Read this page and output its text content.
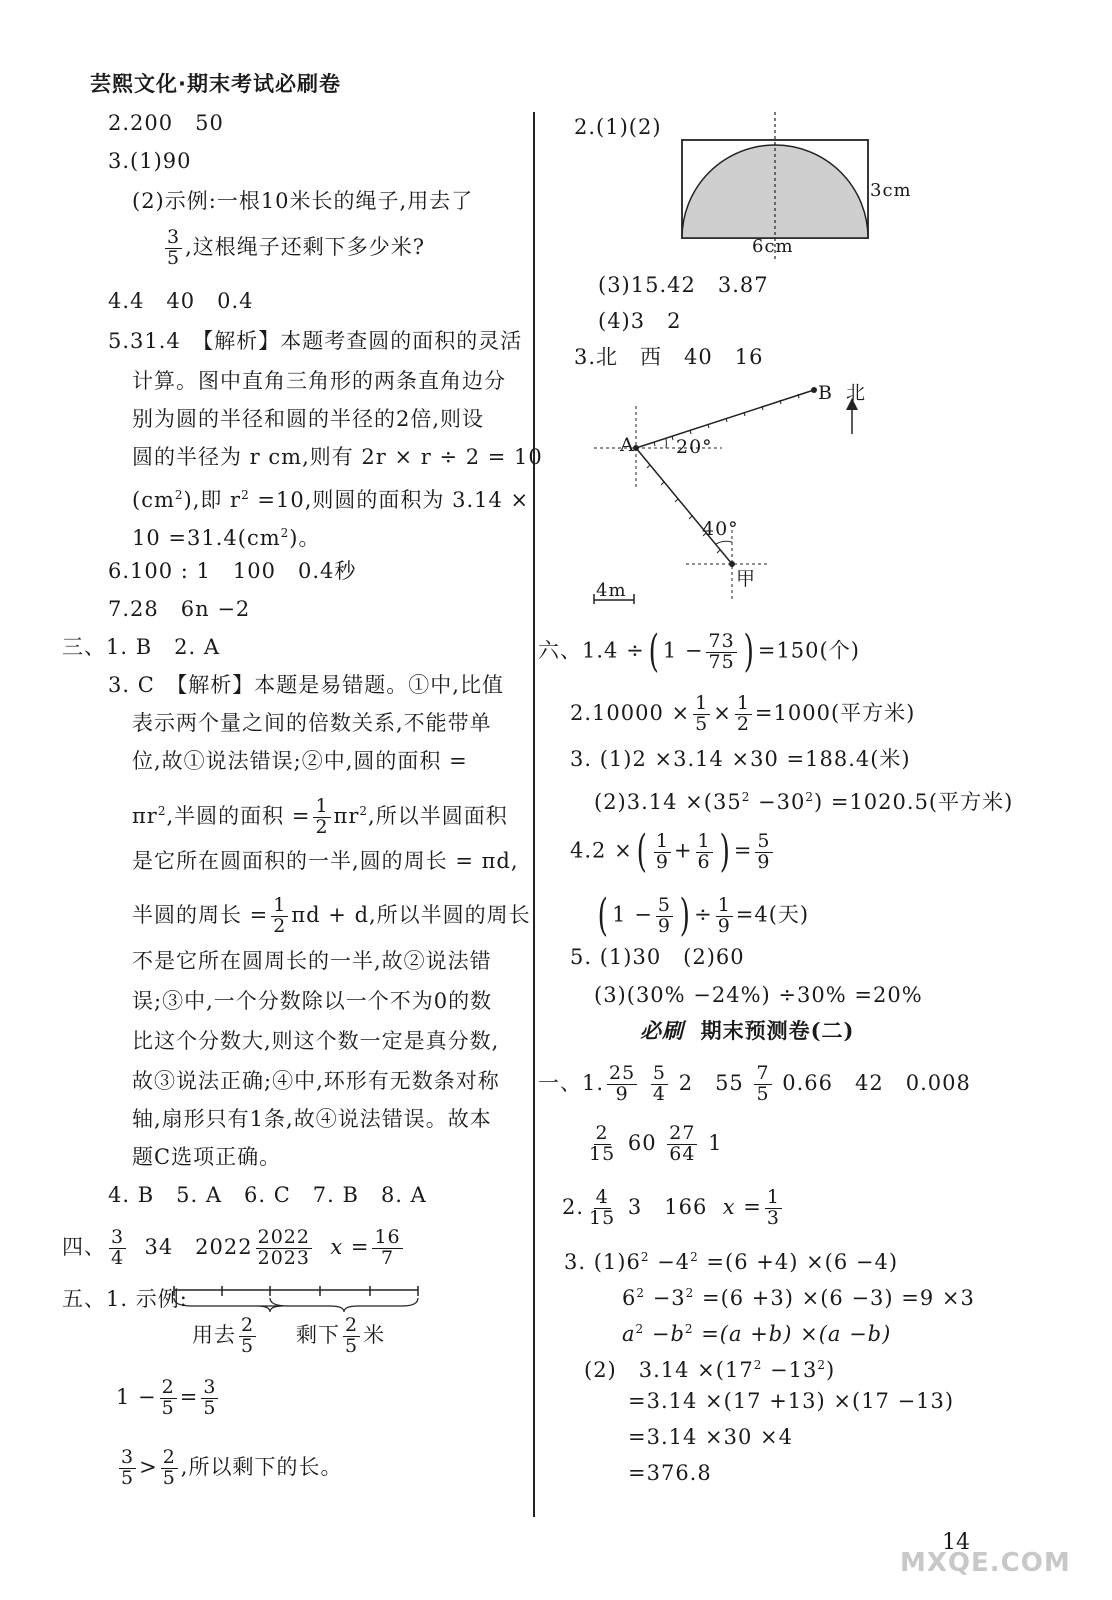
芸熙文化·期末考试必刷卷
2.200　50
3.(1)90
(2)示例:一根10米长的绳子,用去了
$\frac{3}{5}$ ,这根绳子还剩下多少米?
4.4　40　0.4
5.31.4　【解析】本题考查圆的面积的灵活
计算。图中直角三角形的两条直角边分
别为圆的半径和圆的半径的2倍,则设
圆的半径为 r cm,则有 2r × r ÷ 2 = 10
$(cm^2)$,即 $r^2 =10$,则圆的面积为 3.14 ×
$10 =31.4(cm^2)$。
6.100 : 1　100　0.4秒
7.28　6n −2
三、1. B　2. A
3. C　【解析】本题是易错题。①中,比值
表示两个量之间的倍数关系,不能带单
位,故①说法错误;②中,圆的面积 =
$\pi r^2$,半圆的面积 = $\frac{1}{2} \pi r^2$,所以半圆面积
是它所在圆面积的一半,圆的周长 = πd,
半圆的周长 = $\frac{1}{2}$ πd + d,所以半圆的周长
不是它所在圆周长的一半,故②说法错
误;③中,一个分数除以一个不为0的数
比这个分数大,则这个数一定是真分数,
故③说法正确;④中,环形有无数条对称
轴,扇形只有1条,故④说法错误。故本
题C选项正确。
4. B　5. A　6. C　7. B　8. A
四、 $\frac{3}{4} 34$　$2022 \frac{2022}{2023}$ $x = \frac{16}{7}$
五、1. 示例:
用去 $\frac{2}{5}$ 剩下 $\frac{2}{5}$ 米
$1 - \frac{2}{5} = \frac{3}{5}$
$\frac{3}{5} > \frac{2}{5}$ ,所以剩下的长。
2.(1)(2)
3cm
6cm
(3)15.42　3.87
(4)3　2
3.北　西　40　16
A
B 北
20°
40°
甲
4m
六、1.4 ÷( $1 - \frac{73}{75}$ ) =150(个)
$2.10000 \times \frac{1}{5} \times \frac{1}{2} =1000$(平方米)
3. (1)2 ×3.14 ×30 =188.4(米)
$(2)3.14 \times(35^2 -30^2) =1020.5$(平方米)
4.2 ×( $\frac{1}{9} + \frac{1}{6}$ ) = $\frac{5}{9}$
( $1 - \frac{5}{9}$ ) ÷ $\frac{1}{9} =4$(天)
5. (1)30　(2)60
(3)(30% −24%) ÷30% =20%
必刷 期末预测卷(二)
一、1. $\frac{25}{9}$
$\frac{5}{4} 2$　$55 \frac{7}{5} 0.66$　42　0.008
$\frac{2}{15} 60 \frac{27}{64} 1$
2. $\frac{4}{15} 3$　166 $x = \frac{1}{3}$
3. $(1)6^2 -4^2 =(6 +4) \times(6 -4)$
$6^2 -3^2 =(6 +3) \times(6 -3) =9 \times 3$
$a^2 -b^2 =(a +b) \times(a -b)$
(2)　$3.14 \times(17^2 -13^2)$
=3.14 ×(17 +13) ×(17 −13)
=3.14 ×30 ×4
=376.8
14
MXQE.COM
